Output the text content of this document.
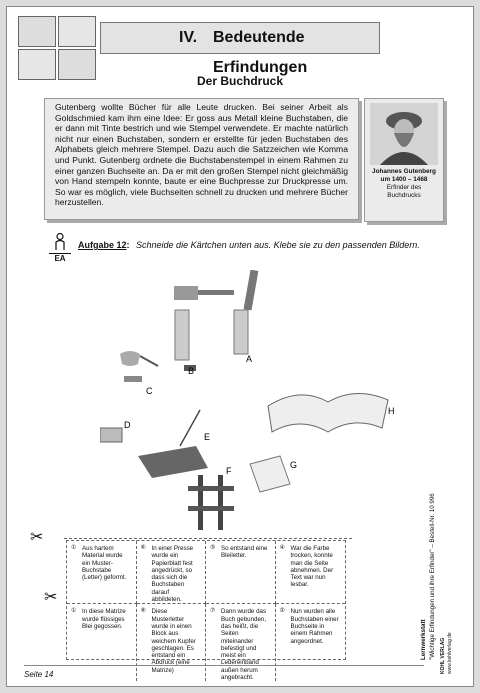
IV. Bedeutende Erfindungen
Der Buchdruck

Gutenberg wollte Bücher für alle Leute drucken. Bei seiner Arbeit als Goldschmied kam ihm eine Idee: Er goss aus Metall kleine Buchstaben, die er dann mit Tinte bestrich und wie Stempel verwendete. Er machte natürlich nicht nur einen Buchstaben, sondern er erstellte für jeden Buchstaben des Alphabets gleich mehrere Stempel. Dazu auch die Satzzeichen wie Komma und Punkt. Gutenberg ordnete die Buchstabenstempel in einem Rahmen zu einer ganzen Buchseite an. Da er mit den großen Stempel nicht gleichmäßig von Hand stempeln konnte, baute er eine Buchpresse zur Druckpresse um. So war es möglich, viele Buchseiten schnell zu drucken und mehrere Bücher herzustellen.

Johannes Gutenberg
um 1400 – 1468
Erfinder des
Buchdrucks
EA
Aufgabe 12: Schneide die Kärtchen unten aus. Klebe sie zu den passenden Bildern.
A
B
C
D
E
F
G
H
✂
✂
① Aus hartem Material wurde ein Muster-Buchstabe (Letter) geformt.
⑥ In einer Presse wurde ein Papierblatt fest angedrückt, so dass sich die Buchstaben darauf abbildeten.
⑤ So entstand eine Bleiletter.
④ War die Farbe trocken, konnte man die Seite abnehmen. Der Text war nun lesbar.
① In diese Matrize wurde flüssiges Blei gegossen.
⑧ Diese Musterletter wurde in einen Block aus weichem Kupfer geschlagen. Es entstand ein Abdruck (eine Matrize)
⑦ Dann wurde das Buch gebunden, das heißt, die Seiten miteinander befestigt und meist ein Ledereinband außen herum angebracht.
② Nun wurden alle Buchstaben einer Buchseite in einem Rahmen angeordnet.	Lernwerkstatt "Wichtige Erfindungen und ihre Erfinder" – Bestell-Nr. 10 996 KOHL VERLAG www.kohlverlag.de
Seite 14
